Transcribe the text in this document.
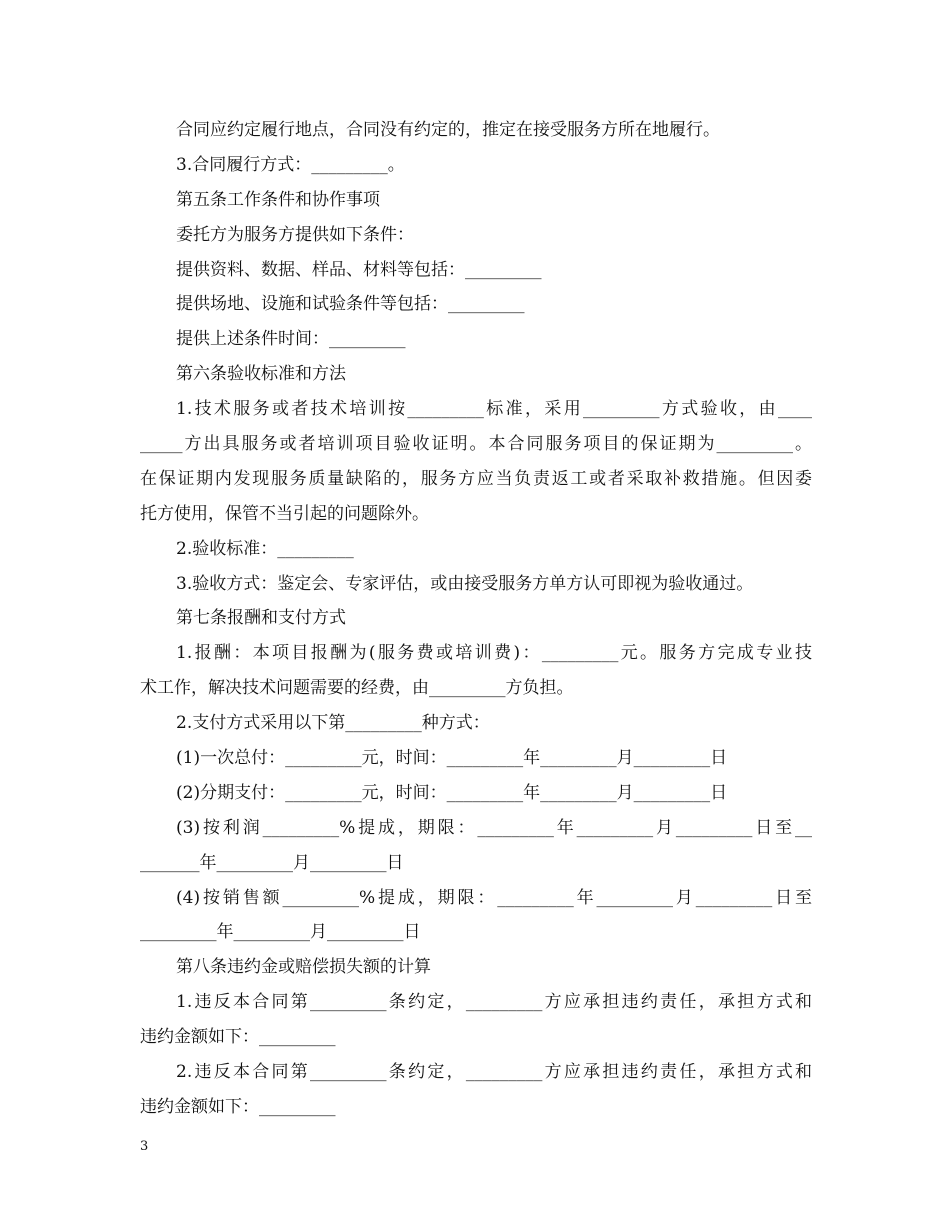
合同应约定履行地点，合同没有约定的，推定在接受服务方所在地履行。
3.合同履行方式：_________。
第五条工作条件和协作事项
委托方为服务方提供如下条件：
提供资料、数据、样品、材料等包括：_________
提供场地、设施和试验条件等包括：_________
提供上述条件时间：_________
第六条验收标准和方法
1.技术服务或者技术培训按_________标准，采用_________方式验收，由____
_____方出具服务或者培训项目验收证明。本合同服务项目的保证期为_________。
在保证期内发现服务质量缺陷的，服务方应当负责返工或者采取补救措施。但因委
托方使用，保管不当引起的问题除外。
2.验收标准：_________
3.验收方式：鉴定会、专家评估，或由接受服务方单方认可即视为验收通过。
第七条报酬和支付方式
1.报酬：本项目报酬为(服务费或培训费)：_________元。服务方完成专业技
术工作，解决技术问题需要的经费，由_________方负担。
2.支付方式采用以下第_________种方式：
(1)一次总付：_________元，时间：_________年_________月_________日
(2)分期支付：_________元，时间：_________年_________月_________日
(3)按利润_________%提成，期限：_________年_________月_________日至__
_______年_________月_________日
(4)按销售额_________%提成，期限：_________年_________月_________日至
_________年_________月_________日
第八条违约金或赔偿损失额的计算
1.违反本合同第_________条约定，_________方应承担违约责任，承担方式和
违约金额如下：_________
2.违反本合同第_________条约定，_________方应承担违约责任，承担方式和
违约金额如下：_________
3
